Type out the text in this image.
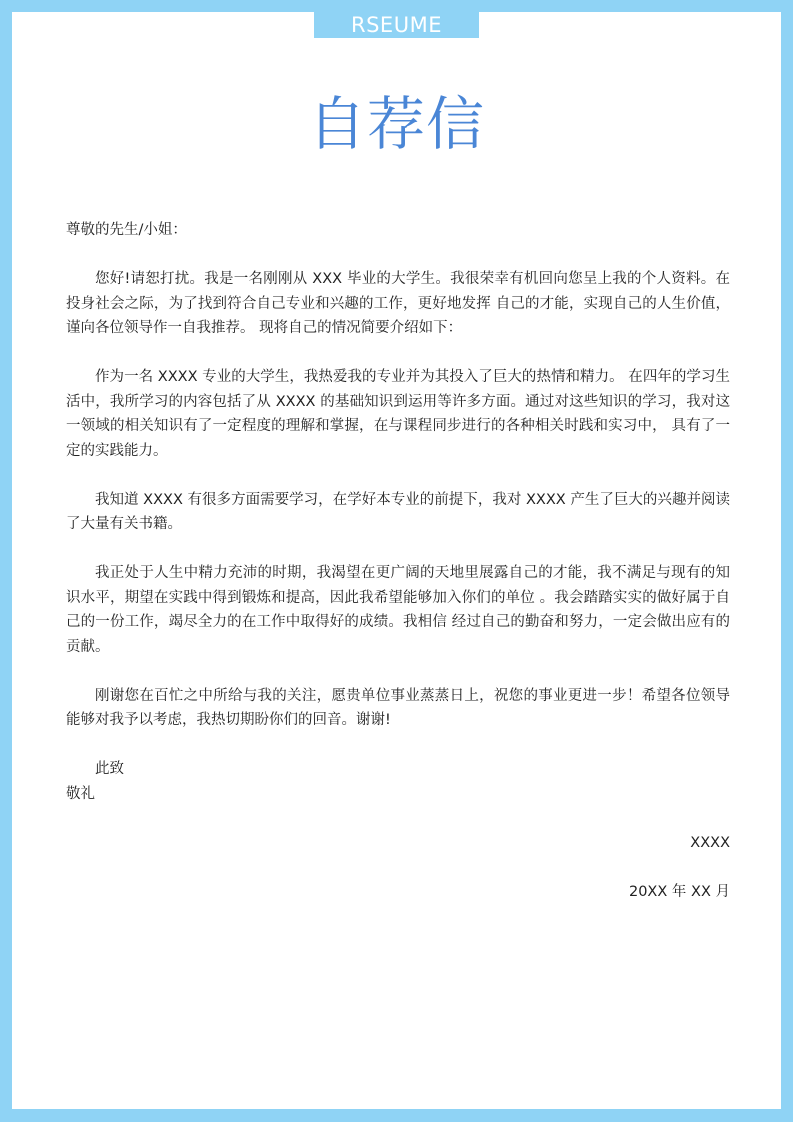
RSEUME
自荐信

尊敬的先生/小姐：

您好!请恕打扰。我是一名刚刚从 XXX 毕业的大学生。我很荣幸有机回向您呈上我的个人资料。在投身社会之际，为了找到符合自己专业和兴趣的工作，更好地发挥 自己的才能，实现自己的人生价值，谨向各位领导作一自我推荐。 现将自己的情况简要介绍如下：

作为一名 XXXX 专业的大学生，我热爱我的专业并为其投入了巨大的热情和精力。 在四年的学习生活中，我所学习的内容包括了从 XXXX 的基础知识到运用等许多方面。通过对这些知识的学习，我对这一领域的相关知识有了一定程度的理解和掌握，在与课程同步进行的各种相关时践和实习中， 具有了一定的实践能力。

我知道 XXXX 有很多方面需要学习，在学好本专业的前提下，我对 XXXX 产生了巨大的兴趣并阅读了大量有关书籍。

我正处于人生中精力充沛的时期，我渴望在更广阔的天地里展露自己的才能，我不满足与现有的知识水平，期望在实践中得到锻炼和提高，因此我希望能够加入你们的单位 。我会踏踏实实的做好属于自己的一份工作，竭尽全力的在工作中取得好的成绩。我相信 经过自己的勤奋和努力，一定会做出应有的贡献。

刚谢您在百忙之中所给与我的关注，愿贵单位事业蒸蒸日上，祝您的事业更进一步！希望各位领导能够对我予以考虑，我热切期盼你们的回音。谢谢!

此致

敬礼

XXXX

20XX 年 XX 月
